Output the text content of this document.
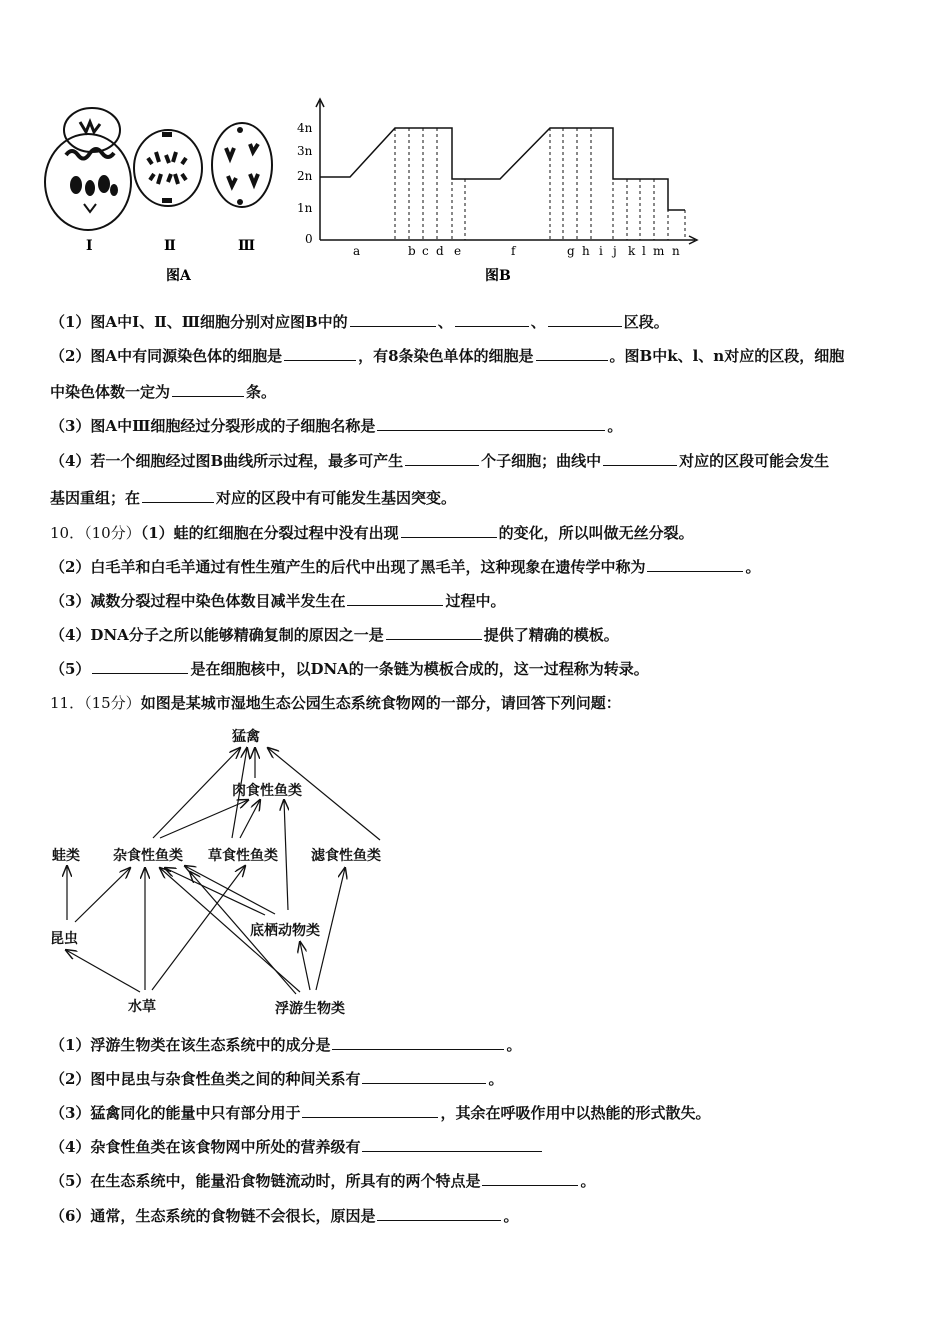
Ⅰ	Ⅱ	Ⅲ
图A
4n
3n
2n
1n
0
a	b c d e	f	g h i j k l m n
图B
（1）图A中Ⅰ、Ⅱ、Ⅲ细胞分别对应图B中的	、	、	区段。
（2）图A中有同源染色体的细胞是	，有8条染色单体的细胞是	。图B中k、l、n对应的区段，细胞
中染色体数一定为	条。
（3）图A中Ⅲ细胞经过分裂形成的子细胞名称是	。
（4）若一个细胞经过图B曲线所示过程，最多可产生	个子细胞；曲线中	对应的区段可能会发生
基因重组；在	对应的区段中有可能发生基因突变。
10．（10分）（1）蛙的红细胞在分裂过程中没有出现	的变化，所以叫做无丝分裂。
（2）白毛羊和白毛羊通过有性生殖产生的后代中出现了黑毛羊，这种现象在遗传学中称为	。
（3）减数分裂过程中染色体数目减半发生在	过程中。
（4）DNA分子之所以能够精确复制的原因之一是	提供了精确的模板。
（5）	是在细胞核中，以DNA的一条链为模板合成的，这一过程称为转录。
11．（15分）如图是某城市湿地生态公园生态系统食物网的一部分，请回答下列问题：
猛禽
肉食性鱼类
蛙类 杂食性鱼类 草食性鱼类 滤食性鱼类
昆虫	底栖动物类
水草	浮游生物类
（1）浮游生物类在该生态系统中的成分是	。
（2）图中昆虫与杂食性鱼类之间的种间关系有	。
（3）猛禽同化的能量中只有部分用于	，其余在呼吸作用中以热能的形式散失。
（4）杂食性鱼类在该食物网中所处的营养级有
（5）在生态系统中，能量沿食物链流动时，所具有的两个特点是	。
（6）通常，生态系统的食物链不会很长，原因是	。
